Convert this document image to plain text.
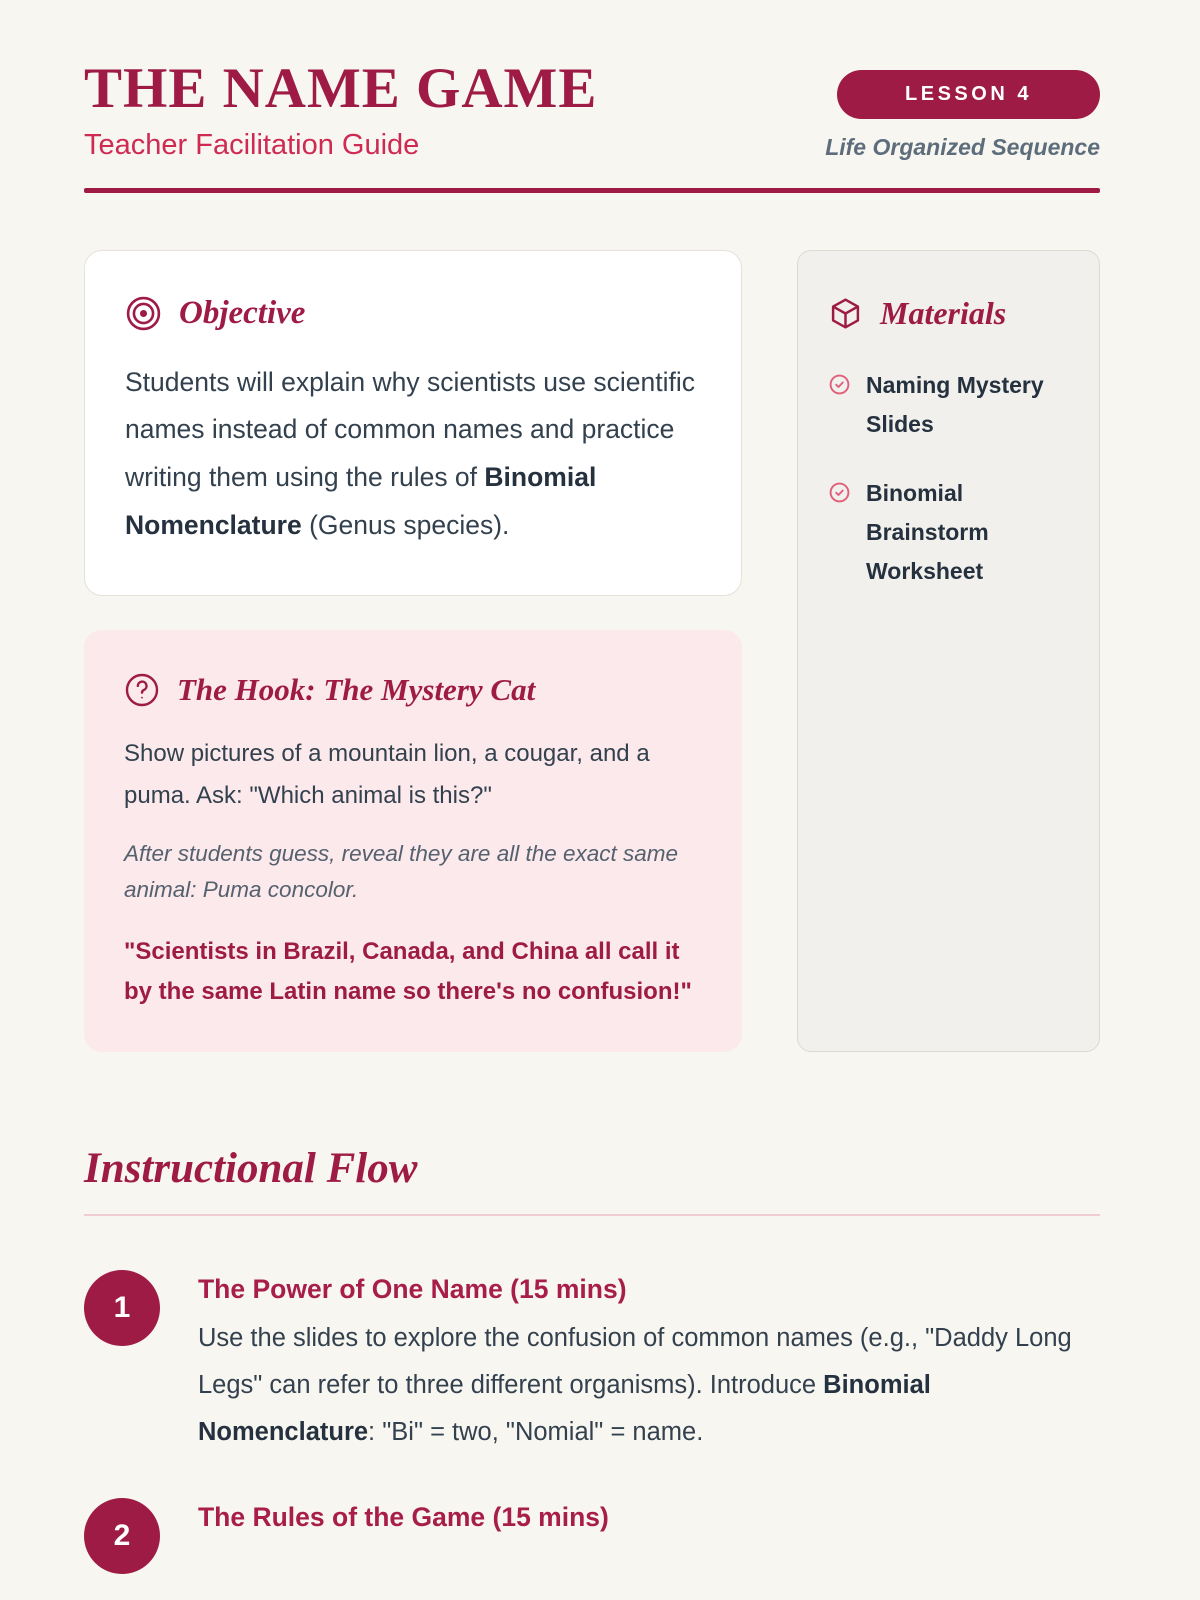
THE NAME GAME
Teacher Facilitation Guide
LESSON 4
Life Organized Sequence
Objective

Students will explain why scientists use scientific names instead of common names and practice writing them using the rules of Binomial Nomenclature (Genus species).

The Hook: The Mystery Cat

Show pictures of a mountain lion, a cougar, and a puma. Ask: "Which animal is this?"

After students guess, reveal they are all the exact same animal: Puma concolor.

"Scientists in Brazil, Canada, and China all call it by the same Latin name so there's no confusion!"

Materials
Naming Mystery Slides
Binomial Brainstorm Worksheet
Instructional Flow
1
The Power of One Name (15 mins)

Use the slides to explore the confusion of common names (e.g., "Daddy Long Legs" can refer to three different organisms). Introduce Binomial Nomenclature: "Bi" = two, "Nomial" = name.

2
The Rules of the Game (15 mins)
